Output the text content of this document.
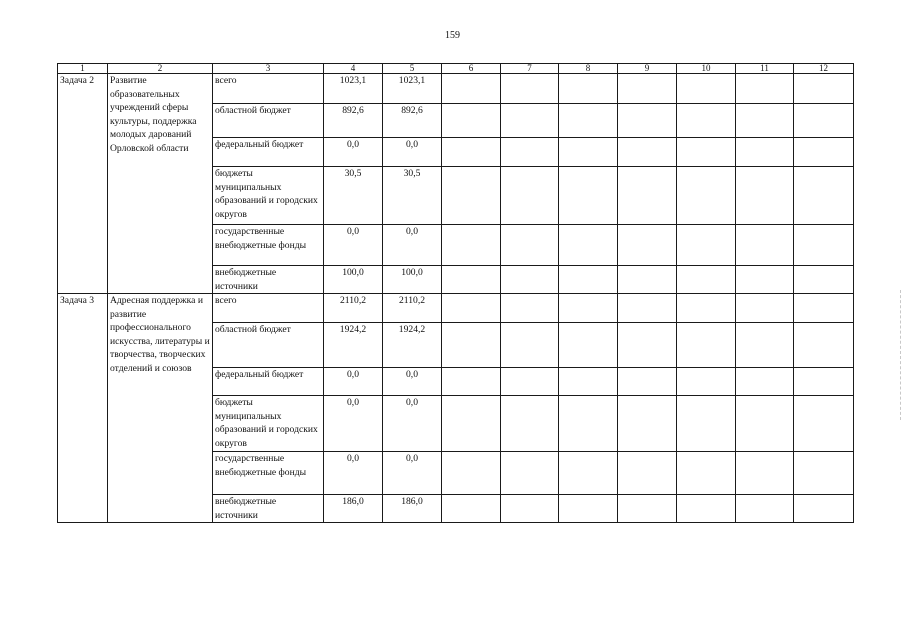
159
1	2	3	4	5	6	7	8	9	10	11	12
Задача 2	Развитие образовательных учреждений сферы культуры, поддержка молодых дарований Орловской области	всего	1023,1	1023,1							
		областной бюджет	892,6	892,6							
		федеральный бюджет	0,0	0,0							
		бюджеты муниципальных образований и городских округов	30,5	30,5							
		государственные внебюджетные фонды	0,0	0,0							
		внебюджетные источники	100,0	100,0							
Задача 3	Адресная поддержка и развитие профессионального искусства, литературы и творчества, творческих отделений и союзов	всего	2110,2	2110,2							
		областной бюджет	1924,2	1924,2							
		федеральный бюджет	0,0	0,0							
		бюджеты муниципальных образований и городских округов	0,0	0,0							
		государственные внебюджетные фонды	0,0	0,0							
		внебюджетные источники	186,0	186,0							
